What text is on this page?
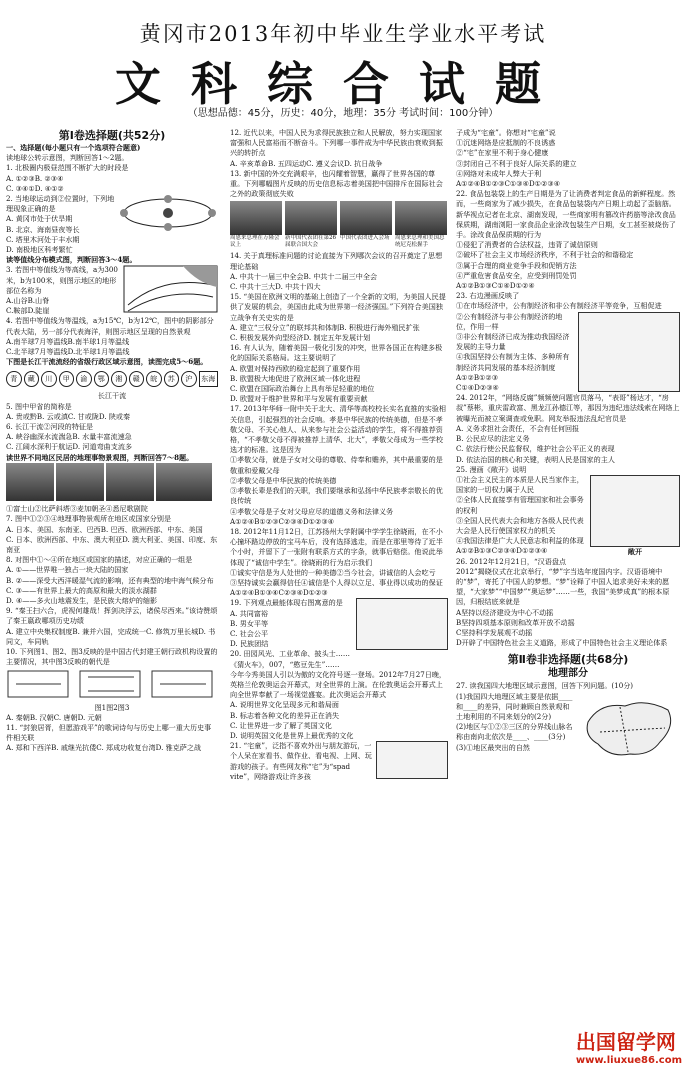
黄冈市2013年初中毕业生学业水平考试
文科综合试题
（思想品德：45分，历史：40分，地理：35分 考试时间：100分钟）

第Ⅰ卷选择题(共52分)

一、选择题(每小题只有一个选项符合题意)

读地球公转示意图，判断回答1～2题。

1. 北极圈内极昼范围不断扩大的时段是

A. ①②③B. ②③④

C. ③④①D. ④①②

2. 当地球运动到②位置时，下列地理现象正确的是

A. 黄冈市处于伏旱期

B. 北京、海南昼夜等长

C. 塔里木河处于丰水期

D. 南极地区科考繁忙

读等值线分布模式图，判断回答3～4题。

3. 若图中等值线为等高线，a为300米，b为100米，则图示地区的地形部位名称为

A.山谷B.山脊

C.鞍部D.陡崖

4. 若图中等值线为等温线，a为15℃，b为12℃，图中的阴影部分代表大陆，另一部分代表海洋，则图示地区呈现的自然景观

A.南半球7月等温线B.南半球1月等温线

C.北半球7月等温线D.北半球1月等温线

下图是长江干流流经的省级行政区域示意图，读图完成5～6题。

青	藏	川	甲	渝	鄂	湘	赣	皖	苏	沪	东海

长江干流

5. 图中甲省的简称是

A. 贵或黔B. 云或滇C. 甘或陇D. 陕或秦

6. 长江干流②河段的特征是

A. 峡谷幽深水流湍急B. 水量丰富流速急

C. 江阔水深利于航运D. 河道弯曲支流多

读世界不同地区民居的地理事物景观图，判断回答7～8题。

①富士山②比萨斜塔③麦加朝圣④悉尼歌剧院

7. 图中①②③④地理事物景观所在地区或国家分别是

A. 日本、美国、东南亚、巴西B. 巴西、欧洲西部、中东、美国

C. 日本、欧洲西部、中东、澳大利亚D. 澳大利亚、美国、印度、东南亚

8. 对图中①～④所在地区或国家的描述，对应正确的一组是

A. ①——世界唯一独占一块大陆的国家

B. ②——深受大西洋暖湿气流的影响，还有典型的地中海气候分布

C. ③——有世界上最大的高原和最大的淡水湖群

D. ④——多火山地震发生，是民族大熔炉的缩影

9. “秦王扫六合，虎视何雄哉！挥剑决浮云，诸侯尽西来。”该诗赞颂了秦王嬴政哪项历史功绩

A. 建立中央集权制度B. 兼并六国，完成统一C. 修筑万里长城D. 书同文，车同轨

10. 下列图1、图2、图3反映的是中国古代封建王朝行政机构设置的主要情况，其中图3反映的朝代是

图1图2图3

A. 秦朝B. 汉朝C. 唐朝D. 元朝

11. “封狼居胥，但愿游戏平”的歌词诗句与历史上哪一重大历史事件相关联

A. 郑和下西洋B. 戚继光抗倭C. 郑成功收复台湾D. 雅克萨之战

12. 近代以来，中国人民为求得民族独立和人民解放，努力实现国家富强和人民富裕而不断奋斗。下列哪一事件成为中华民族由衰败到振兴的转折点

A. 辛亥革命B. 五四运动C. 遵义会议D. 抗日战争

13. 新中国的外交充满艰辛，也闪耀着智慧，赢得了世界各国的尊重。下列哪幅图片反映的历史信息标志着美国把中国排斥在国际社会之外的政策彻底失败

周恩来总理在万隆会议上
新中国代表团在第26届联合国大会
中国代表团进入会场 周恩来总理和美国总统尼克松握手

14. 关于真理标准问题的讨论直接为下列哪次会议的召开奠定了思想理论基础

A. 中共十一届三中全会B. 中共十二届三中全会

C. 中共十三大D. 中共十四大

15. “美国在欧洲文明的基础上创造了一个全新的文明，为美国人民提供了发展的机会，美国由此成为世界第一经济强国。”下列符合美国独立战争有关史实的是

A. 建立“三权分立”的联邦共和体制B. 积极进行海外殖民扩张

C. 积极发展外向型经济D. 制定五年发展计划

16. 有人认为，随着美国一极化引发的冲突，世界各国正在构建多极化的国际关系格局。这主要说明了

A. 欧盟对保持西欧的稳定起到了重要作用

B. 欧盟极大地促进了欧洲区域一体化进程

C. 欧盟在国际政治舞台上具有举足轻重的地位

D. 欧盟对于维护世界和平与发展有重要贡献

17. 2013年华师一附中关于北大、清华等高校校长实名直推的实验相关信息，引起强烈的社会反响。孝是中华民族的传统美德，但是不孝敬父母、不关心他人、从来参与社会公益活动的学生，将不得推荐资格，“不孝敬父母不得被推荐上清华、北大”，孝敬父母成为一些学校选才的标准。这是因为

①孝敬父母，就是子女对父母的尊敬、侍奉和赡养，其中最重要的是敬重和爱戴父母

②孝敬父母是中华民族的传统美德

③孝敬长辈是我们的天职，我们要继承和弘扬中华民族孝亲敬长的优良传统

④孝敬父母是子女对父母应尽的道德义务和法律义务

A①②④B①②③C②③④D①②③④

18. 2012年11月12日，江苏扬州大学附属中学学生徐晓雨，在不小心撞坏路边停放的宝马车后，没有选择逃走，而是在那里等待了近半个小时，并留下了一张附有联系方式的字条，就事后赔偿。他说此举体现了“诚信中学生”。徐晓雨的行为启示我们

①诚实守信是为人处世的一种美德②当今社会，讲诚信的人会吃亏

③坚持诚实会赢得信任④诚信是个人得以立足、事业得以成功的保证

A①②④B①③④C②③④D①②③

19. 下列观点最能体现右图寓意的是

A. 共同富裕

B. 男女平等

C. 社会公平

D. 民族团结

20. 田园风光、工业革命、披头士……《猜火车》，007，“憨豆先生”……

今年今秀美国人引以为傲的文化符号逐一登场。2012年7月27日晚，英格兰伦敦奥运会开幕式，对全世界的上演。在伦敦奥运会开幕式上向全世界奉献了一场视觉盛宴。此次奥运会开幕式

A. 说明世界文化呈现多元和谐局面

B. 标志着各种文化的差异正在消失

C. 让世界进一步了解了英国文化

D. 说明英国文化是世界上最优秀的文化

21. “宅童”，泛指不喜欢外出与朋友游玩，一个人呆在家看书、做作业、看电视、上网、玩游戏的孩子。有些网友称“宅”为“spad vite”，网络游戏让许多孩

子成为“宅童”。你想对“宅童”说

①沉迷网络是应抵制的不良诱惑

②“宅”在家里不利于身心健康

③封闭自己不利于良好人际关系的建立

④网络对未成年人弊大于利

A①②④B①②③C①③④D①②③④

22. 食品包装袋上的生产日期是为了让消费者判定食品的新鲜程度。然而，一些商家为了减少损失，在食品包装袋内产日期上动起了歪脑筋。新华视点记者在北京、湖南发现，一些商家明有篡改许药筋等涂改食品保质期，湖南浏阳一家食品企业涂改包装生产日期，女工甚至被烧伤了手。涂改食品保质期的行为

①侵犯了消费者的合法权益，违背了诚信原则

②破坏了社会主义市场经济秩序，不利于社会的和谐稳定

③属于合理的商业竞争手段和促销方法

④严重危害食品安全，应受到刑罚处罚

A①②B①③C①④D①②④

23. 右边漫画反映了

①在市场经济中，公有制经济和非公有制经济平等竞争，互相促进

②公有制经济与非公有制经济的地位，作用一样

③非公有制经济已成为推动我国经济发展的主导力量

④我国坚持公有制为主体、多种所有制经济共同发展的基本经济制度

A①②B①②③

C①④D②③④

24. 2012年，“网络反腐”频频使问题官员落马，“表哥”杨达才，“房叔”蔡彬，重庆雷政富、黑龙江孙德江等，那因为违纪违法线索在网络上被曝光而被立案调查或免职。网友举报违法乱纪官员是

A. 义务求担社会责任，不会有任何回报

B. 公民应尽的法定义务

C. 依法行使公民监督权，维护社会公平正义的表现

D. 依法治国的核心和关键，表明人民是国家的主人

25. 漫画《敞开》说明

敞开

①社会主义民主的本质是人民当家作主，国家的一切权力属于人民

②全体人民直接享有管理国家和社会事务的权利

③全国人民代表大会和地方各级人民代表大会是人民行使国家权力的机关

④我国法律是广大人民意志和利益的体现

A①②B①③C②③④D①②③④

26. 2012年12月21日，“汉语盘点2012”揭晓仪式在北京举行，“梦”字当选年度国内字。汉语语境中的“梦”，寄托了中国人的梦想。“梦”诠释了中国人追求美好未来的愿望，“大家梦”“中国梦”“奥运梦”……一些，我国“美梦成真”的根本原因，归根结底来就是

A坚持以经济建设为中心不动摇

B坚持四项基本原则和改革开放不动摇

C坚持科学发展观不动摇

D开辟了中国特色社会主义道路，形成了中国特色社会主义理论体系

第Ⅱ卷非选择题(共68分)

地理部分

27. 读我国四大地理区域示意图，回答下列问题。(10分)

(1)我国四大地理区域主要是依据____和____的差异，同时兼顾自然景观和土地利用的不同来划分的(2分)

(2)地区与①②③三区的分界线山脉名称由南向北依次是____、____(3分)

(3)①地区最突出的自然

出国留学网
www.liuxue86.com
